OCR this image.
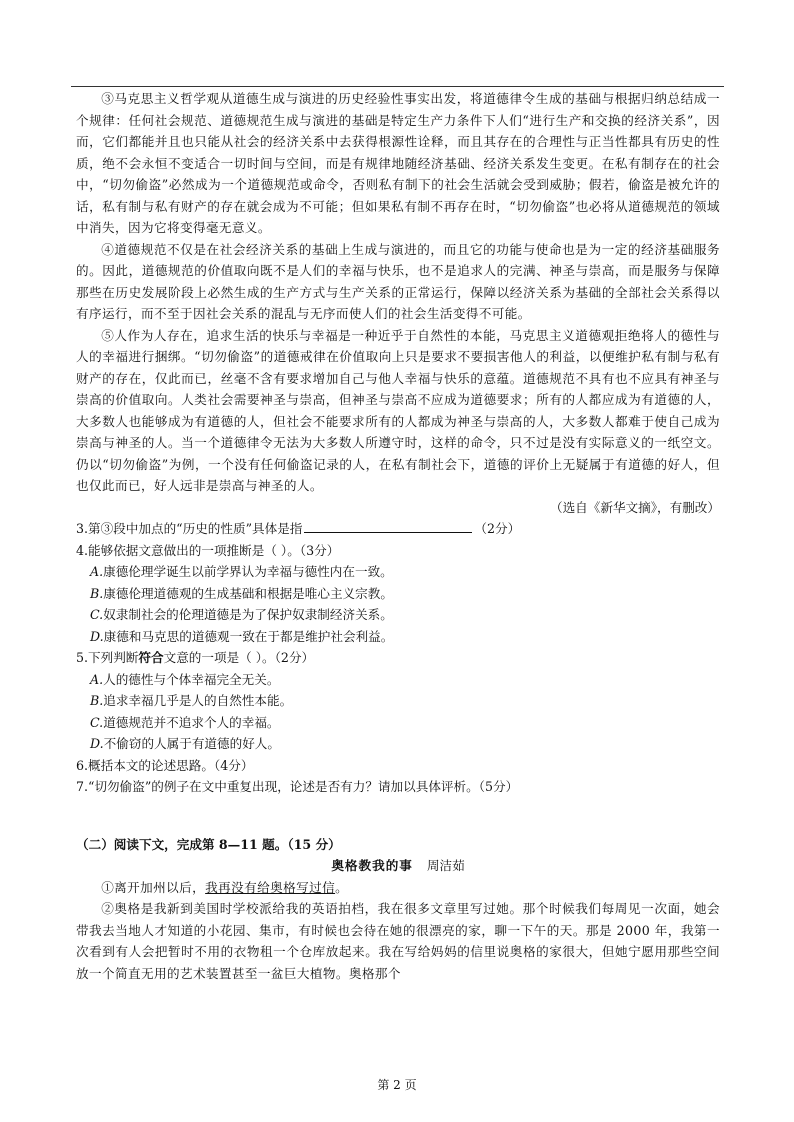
③马克思主义哲学观从道德生成与演进的历史经验性事实出发，将道德律令生成的基础与根据归纳总结成一个规律：任何社会规范、道德规范生成与演进的基础是特定生产力条件下人们“进行生产和交换的经济关系”，因而，它们都能并且也只能从社会的经济关系中去获得根源性诠释，而且其存在的合理性与正当性都具有历史的性质，绝不会永恒不变适合一切时间与空间，而是有规律地随经济基础、经济关系发生变更。在私有制存在的社会中，“切勿偷盗”必然成为一个道德规范或命令，否则私有制下的社会生活就会受到威胁；假若，偷盗是被允许的话，私有制与私有财产的存在就会成为不可能；但如果私有制不再存在时，“切勿偷盗”也必将从道德规范的领域中消失，因为它将变得毫无意义。

④道德规范不仅是在社会经济关系的基础上生成与演进的，而且它的功能与使命也是为一定的经济基础服务的。因此，道德规范的价值取向既不是人们的幸福与快乐，也不是追求人的完满、神圣与崇高，而是服务与保障那些在历史发展阶段上必然生成的生产方式与生产关系的正常运行，保障以经济关系为基础的全部社会关系得以有序运行，而不至于因社会关系的混乱与无序而使人们的社会生活变得不可能。

⑤人作为人存在，追求生活的快乐与幸福是一种近乎于自然性的本能，马克思主义道德观拒绝将人的德性与人的幸福进行捆绑。“切勿偷盗”的道德戒律在价值取向上只是要求不要损害他人的利益，以便维护私有制与私有财产的存在，仅此而已，丝毫不含有要求增加自己与他人幸福与快乐的意蕴。道德规范不具有也不应具有神圣与崇高的价值取向。人类社会需要神圣与崇高，但神圣与崇高不应成为道德要求；所有的人都应成为有道德的人，大多数人也能够成为有道德的人，但社会不能要求所有的人都成为神圣与崇高的人，大多数人都难于使自己成为崇高与神圣的人。当一个道德律令无法为大多数人所遵守时，这样的命令，只不过是没有实际意义的一纸空文。仍以“切勿偷盗”为例，一个没有任何偷盗记录的人，在私有制社会下，道德的评价上无疑属于有道德的好人，但也仅此而已，好人远非是崇高与神圣的人。

（选自《新华文摘》，有删改）

3.第③段中加点的“历史的性质”具体是指	（2分）

4.能够依据文意做出的一项推断是（ ）。（3分）

A.康德伦理学诞生以前学界认为幸福与德性内在一致。

B.康德伦理道德观的生成基础和根据是唯心主义宗教。

C.奴隶制社会的伦理道德是为了保护奴隶制经济关系。

D.康德和马克思的道德观一致在于都是维护社会利益。

5.下列判断符合文意的一项是（ ）。（2分）

A.人的德性与个体幸福完全无关。

B.追求幸福几乎是人的自然性本能。

C.道德规范并不追求个人的幸福。

D.不偷窃的人属于有道德的好人。

6.概括本文的论述思路。（4分）

7.“切勿偷盗”的例子在文中重复出现，论述是否有力？请加以具体评析。（5分）

（二）阅读下文，完成第 8—11 题。（15 分）

奥格教我的事 周洁茹

①离开加州以后，我再没有给奥格写过信。

②奥格是我新到美国时学校派给我的英语拍档，我在很多文章里写过她。那个时候我们每周见一次面，她会带我去当地人才知道的小花园、集市，有时候也会待在她的很漂亮的家，聊一下午的天。那是 2000 年，我第一次看到有人会把暂时不用的衣物租一个仓库放起来。我在写给妈妈的信里说奥格的家很大，但她宁愿用那些空间放一个简直无用的艺术装置甚至一盆巨大植物。奥格那个

第 2 页
